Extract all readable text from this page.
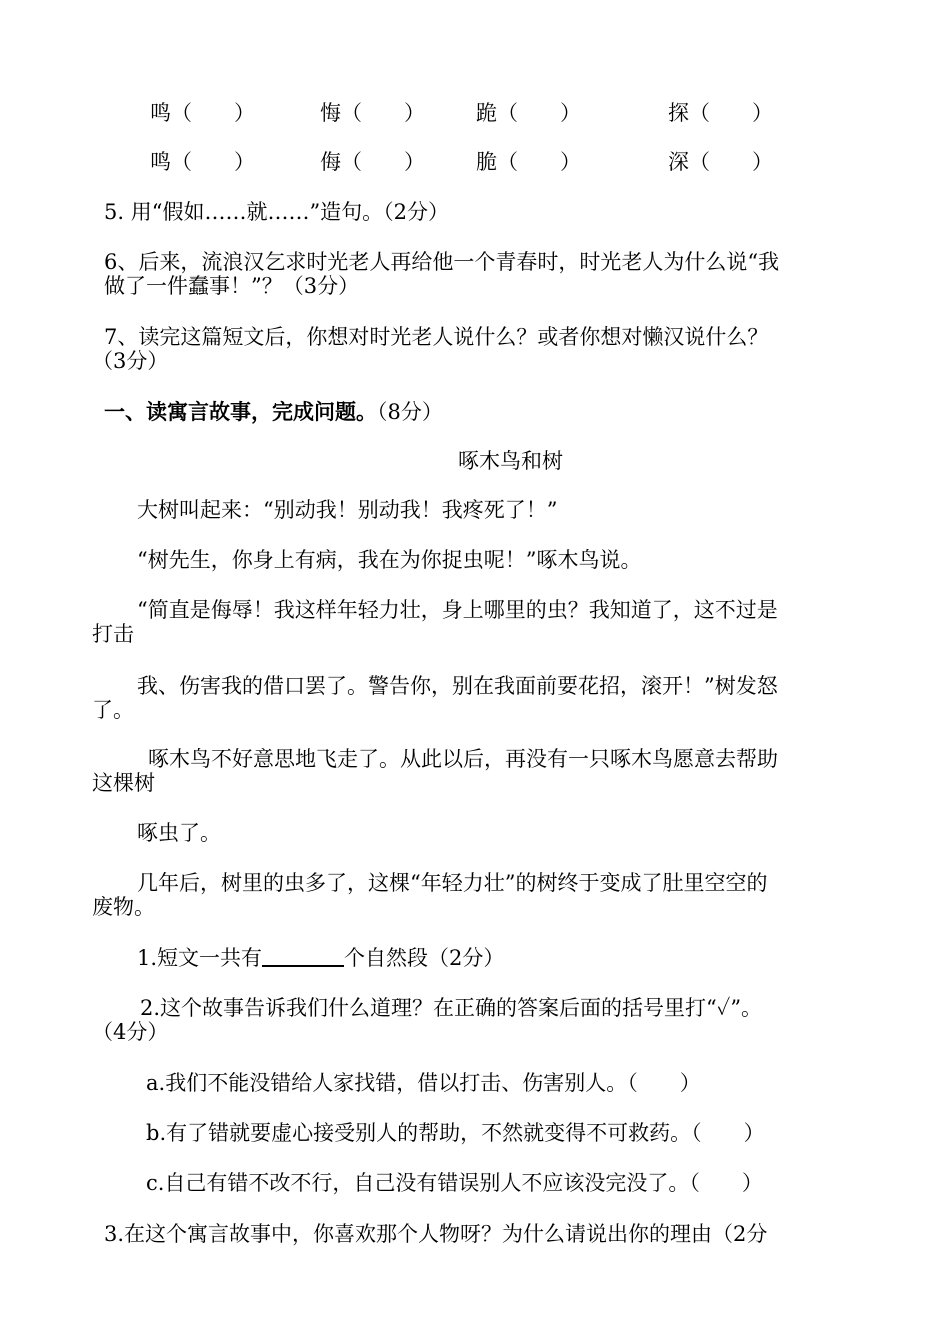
鸣（　　）	悔（　　） 跪（　　）	探（　　）
鸣（　　）	侮（　　） 脆（　　）	深（　　）
5. 用“假如……就……”造句。（2分）
6、后来，流浪汉乞求时光老人再给他一个青春时，时光老人为什么说“我
做了一件蠢事！”？（3分）
7、读完这篇短文后，你想对时光老人说什么？或者你想对懒汉说什么？
（3分）
一、读寓言故事，完成问题。（8分）
啄木鸟和树
大树叫起来：“别动我！别动我！我疼死了！”
“树先生，你身上有病，我在为你捉虫呢！”啄木鸟说。
“简直是侮辱！我这样年轻力壮，身上哪里的虫？我知道了，这不过是
打击
我、伤害我的借口罢了。警告你，别在我面前要花招，滚开！”树发怒
了。
啄木鸟不好意思地飞走了。从此以后，再没有一只啄木鸟愿意去帮助
这棵树
啄虫了。
几年后，树里的虫多了，这棵“年轻力壮”的树终于变成了肚里空空的
废物。
1.短文一共有	个自然段（2分）
2.这个故事告诉我们什么道理？在正确的答案后面的括号里打“✓”。
（4分）
a.我们不能没错给人家找错，借以打击、伤害别人。（　　）
b.有了错就要虚心接受别人的帮助，不然就变得不可救药。（　　）
c.自己有错不改不行，自己没有错误别人不应该没完没了。（　　）
3.在这个寓言故事中，你喜欢那个人物呀？为什么请说出你的理由（2分
